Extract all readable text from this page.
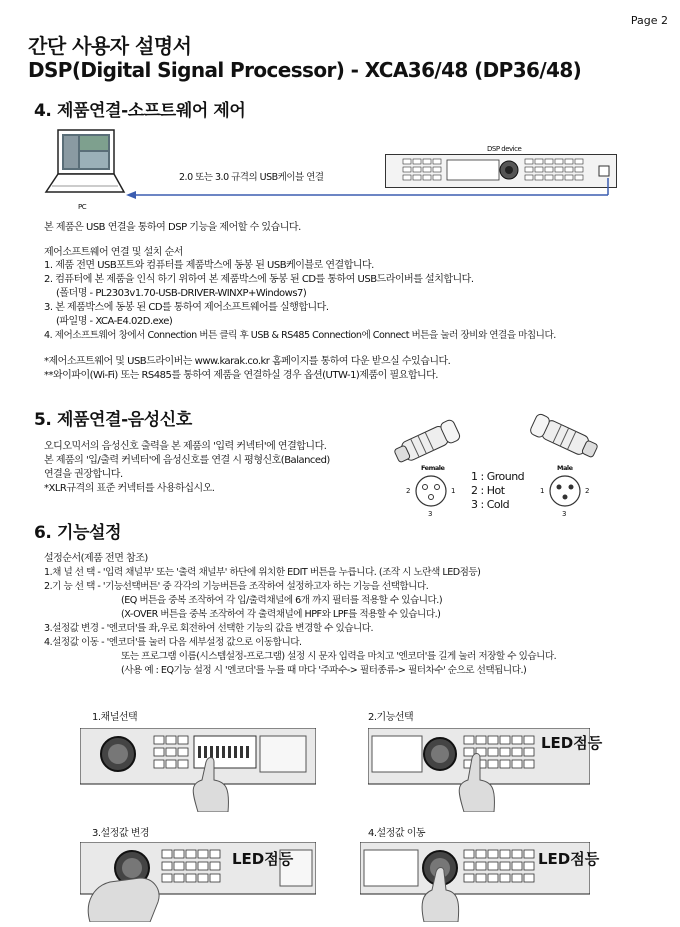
Page 2
간단 사용자 설명서
DSP(Digital Signal Processor) - XCA36/48 (DP36/48)
4. 제품연결-소프트웨어 제어
PC
DSP device
2.0 또는 3.0 규격의 USB케이블 연결
본 제품은 USB 연결을 통하여 DSP 기능을 제어할 수 있습니다.
제어소프트웨어 연결 및 설치 순서
1. 제품 전면 USB포트와 컴퓨터를 제품박스에 동봉 된 USB케이블로 연결합니다.
2. 컴퓨터에 본 제품을 인식 하기 위하여 본 제품박스에 동봉 된 CD를 통하여 USB드라이버를 설치합니다.
(폴더명 - PL2303v1.70-USB-DRIVER-WINXP+Windows7)
3. 본 제품박스에 동봉 된 CD를 통하여 제어소프트웨어를 실행합니다.
(파일명 - XCA-E4.02D.exe)
4. 제어소프트웨어 창에서 Connection 버튼 클릭 후 USB & RS485 Connection에 Connect 버튼을 눌러 장비와 연결을 마칩니다.
*제어소프트웨어 및 USB드라이버는 www.karak.co.kr 홈페이지를 통하여 다운 받으실 수있습니다.
**와이파이(Wi-Fi) 또는 RS485를 통하여 제품을 연결하실 경우 옵션(UTW-1)제품이 필요합니다.
5. 제품연결-음성신호
오디오믹서의 음성신호 출력을 본 제품의 '입력 커넥터'에 연결합니다.
본 제품의 '입/출력 커넥터'에 음성신호를 연결 시 평형신호(Balanced)
연결을 권장합니다.
*XLR규격의 표준 커넥터를 사용하십시오.
Female
2	1
3
Male
1	2
3
1 : Ground
2 : Hot
3 : Cold
6. 기능설정
설정순서(제품 전면 참조)
1.채 널 선 택 - '입력 채널부' 또는 '출력 채널부' 하단에 위치한 EDIT 버튼을 누릅니다. (조작 시 노란색 LED점등)
2.기 능 선 택 - '기능선택버튼' 중 각각의 기능버튼을 조작하여 설정하고자 하는 기능을 선택합니다.
(EQ 버튼을 중복 조작하여 각 입/출력채널에 6개 까지 필터를 적용할 수 있습니다.)
(X-OVER 버튼을 중복 조작하여 각 출력채널에 HPF와 LPF를 적용할 수 있습니다.)
3.설정값 변경 - '엔코더'를 좌,우로 회전하여 선택한 기능의 값을 변경할 수 있습니다.
4.설정값 이동 - '엔코더'를 눌러 다음 세부설정 값으로 이동합니다.
또는 프로그램 이름(시스템설정-프로그램) 설정 시 문자 입력을 마치고 '엔코더'를 길게 눌러 저장할 수 있습니다.
(사용 예 : EQ기능 설정 시 '엔코더'를 누를 때 마다 '주파수-> 필터종류-> 필터차수' 순으로 선택됩니다.)
1.채널선택	2.기능선택
3.설정값 변경	4.설정값 이동
LED점등
LED점등	LED점등
